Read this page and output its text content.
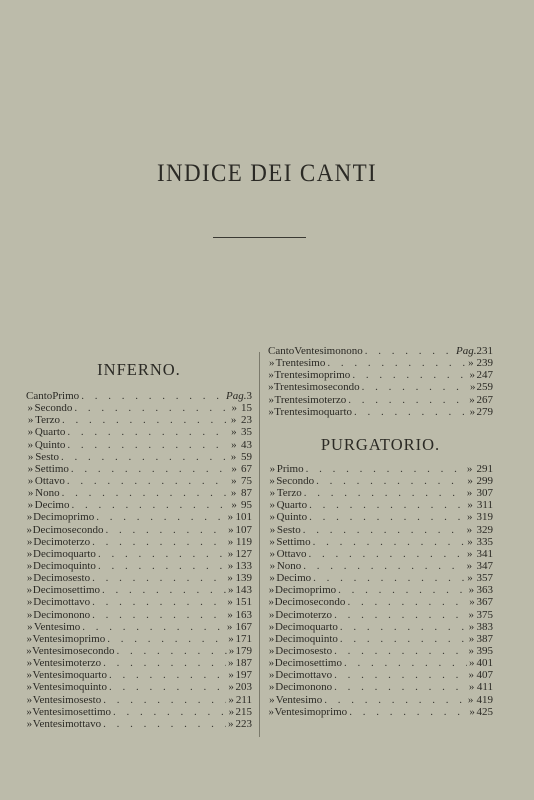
INDICE DEI CANTI
INFERNO.
Canto Primo . . .	Pag. 3
» Secondo . . .	» 15
» Terzo . . .	» 23
» Quarto . . .	» 35
» Quinto . . .	» 43
» Sesto . . .	» 59
» Settimo . . .	» 67
» Ottavo . . .	» 75
» Nono . . .	» 87
» Decimo . . .	» 95
» Decimoprimo . . .	» 101
» Decimosecondo . . .	» 107
» Decimoterzo . . .	» 119
» Decimoquarto . . .	» 127
» Decimoquinto . . .	» 133
» Decimosesto . . .	» 139
» Decimosettimo . . .	» 143
» Decimottavo . . .	» 151
» Decimonono . . .	» 163
» Ventesimo . . .	» 167
» Ventesimoprimo . . .	» 171
» Ventesimosecondo . . .	» 179
» Ventesimoterzo . . .	» 187
» Ventesimoquarto . . .	» 197
» Ventesimoquinto . . .	» 203
» Ventesimosesto . . .	» 211
» Ventesimosettimo . . .	» 215
» Ventesimottavo . . .	» 223
Canto Ventesimonono . . .	Pag. 231
» Trentesimo . . .	» 239
» Trentesimoprimo . . .	» 247
» Trentesimosecondo . . .	» 259
» Trentesimoterzo . . .	» 267
» Trentesimoquarto . . .	» 279
PURGATORIO.
» Primo . . .	» 291
» Secondo . . .	» 299
» Terzo . . .	» 307
» Quarto . . .	» 311
» Quinto . . .	» 319
» Sesto . . .	» 329
» Settimo . . .	» 335
» Ottavo . . .	» 341
» Nono . . .	» 347
» Decimo . . .	» 357
» Decimoprimo . . .	» 363
» Decimosecondo . . .	» 367
» Decimoterzo . . .	» 375
» Decimoquarto . . .	» 383
» Decimoquinto . . .	» 387
» Decimosesto . . .	» 395
» Decimosettimo . . .	» 401
» Decimottavo . . .	» 407
» Decimonono . . .	» 411
» Ventesimo . . .	» 419
» Ventesimoprimo . . .	» 425
